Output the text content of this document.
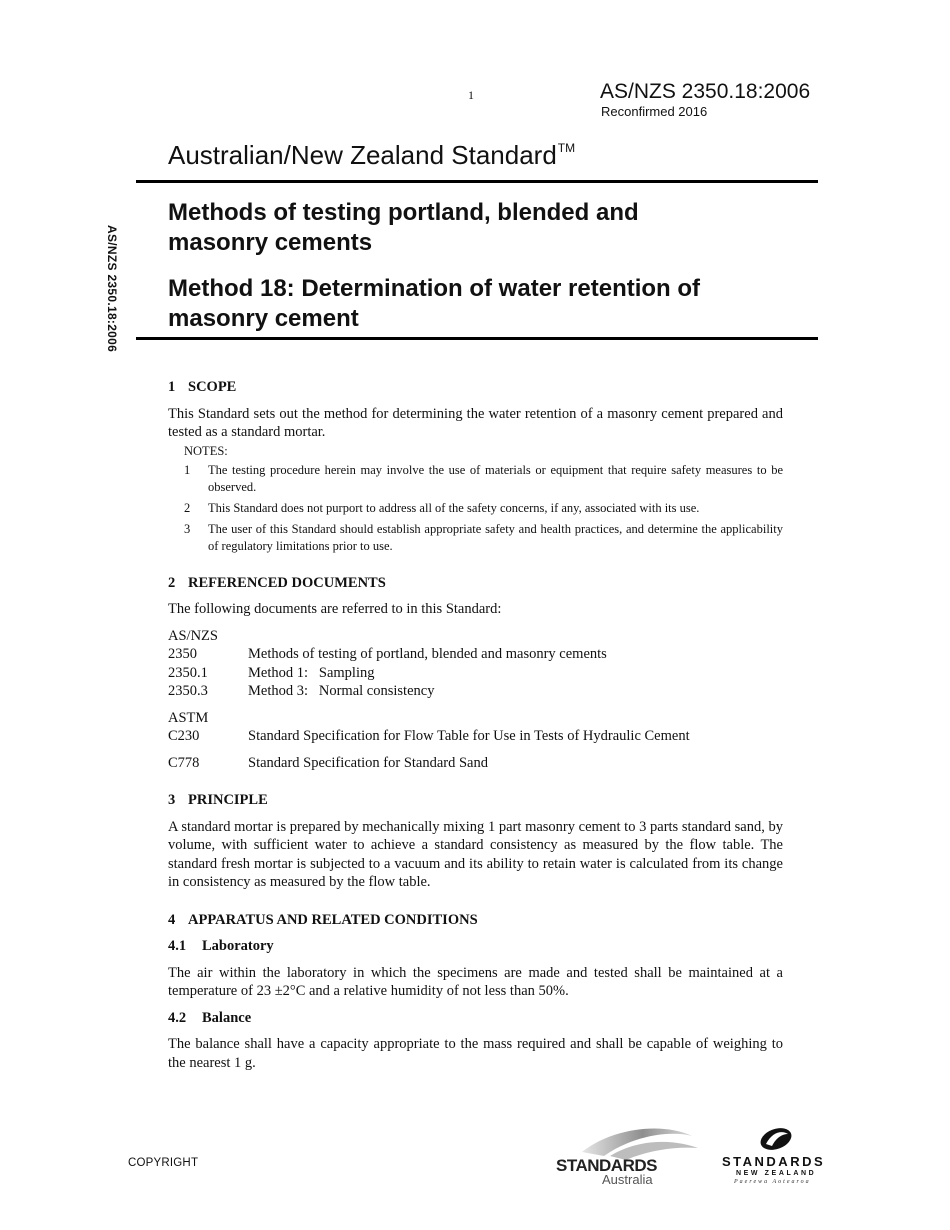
1	AS/NZS 2350.18:2006
Reconfirmed 2016
Australian/New Zealand Standard™
AS/NZS 2350.18:2006
Methods of testing portland, blended and
masonry cements
Method 18: Determination of water retention of
masonry cement
1 SCOPE

This Standard sets out the method for determining the water retention of a masonry cement prepared and tested as a standard mortar.

NOTES:
1	The testing procedure herein may involve the use of materials or equipment that require safety measures to be observed.
2	This Standard does not purport to address all of the safety concerns, if any, associated with its use.
3	The user of this Standard should establish appropriate safety and health practices, and determine the applicability of regulatory limitations prior to use.
2 REFERENCED DOCUMENTS

The following documents are referred to in this Standard:

AS/NZS
2350	Methods of testing of portland, blended and masonry cements
2350.1	Method 1:   Sampling
2350.3	Method 3:   Normal consistency
ASTM
C230	Standard Specification for Flow Table for Use in Tests of Hydraulic Cement
C778	Standard Specification for Standard Sand
3 PRINCIPLE

A standard mortar is prepared by mechanically mixing 1 part masonry cement to 3 parts standard sand, by volume, with sufficient water to achieve a standard consistency as measured by the flow table. The standard fresh mortar is subjected to a vacuum and its ability to retain water is calculated from its change in consistency as measured by the flow table.

4 APPARATUS AND RELATED CONDITIONS
4.1 Laboratory

The air within the laboratory in which the specimens are made and tested shall be maintained at a temperature of 23 ±2°C and a relative humidity of not less than 50%.

4.2 Balance

The balance shall have a capacity appropriate to the mass required and shall be capable of weighing to the nearest 1 g.

COPYRIGHT	STANDARDS
Australia
STANDARDS
NEW ZEALAND
Paerewa Aotearoa
